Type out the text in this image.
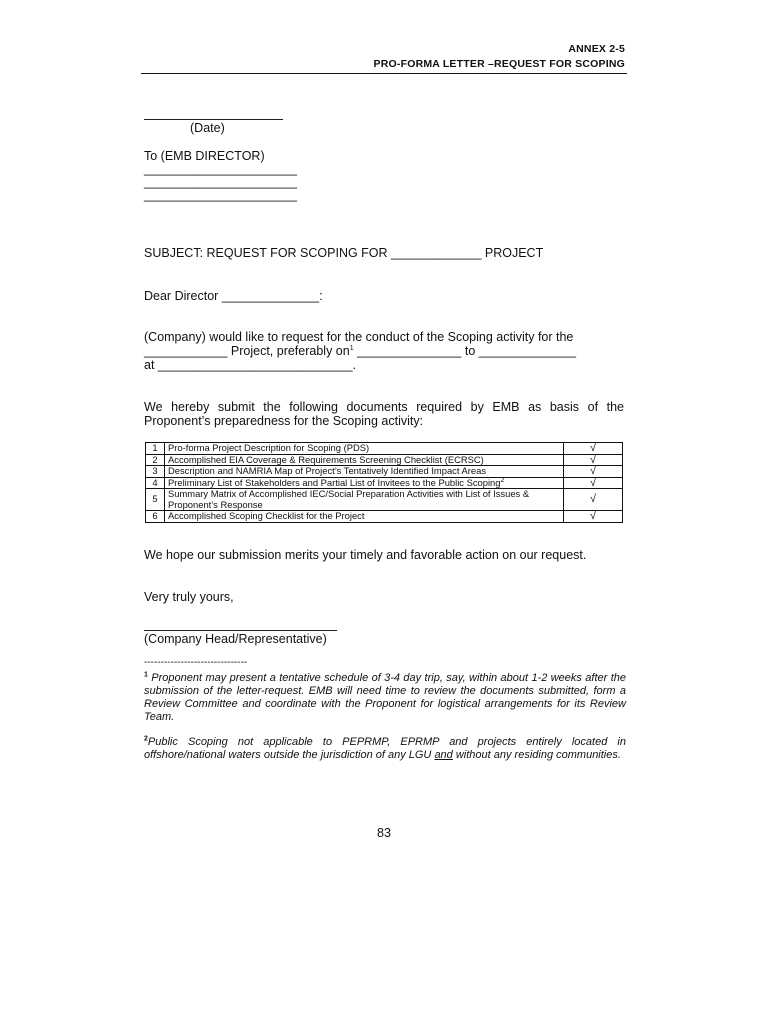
ANNEX 2-5
PRO-FORMA LETTER –REQUEST FOR SCOPING
(Date)
To (EMB DIRECTOR)
______________________
______________________
______________________
SUBJECT: REQUEST FOR SCOPING FOR _____________ PROJECT
Dear Director ______________:
(Company) would like to request for the conduct of the Scoping activity for the
____________ Project, preferably $on^1$ _______________ to ______________
at ____________________________.
We hereby submit the following documents required by EMB as basis of the Proponent’s preparedness for the Scoping activity:
1	Pro-forma Project Description for Scoping (PDS)	√
2	Accomplished EIA Coverage & Requirements Screening Checklist (ECRSC)	√
3	Description and NAMRIA Map of Project’s Tentatively Identified Impact Areas	√
4	Preliminary List of Stakeholders and Partial List of Invitees to the Public Scoping$^2$	√
5	Summary Matrix of Accomplished IEC/Social Preparation Activities with List of Issues & Proponent’s Response	√
6	Accomplished Scoping Checklist for the Project	√
We hope our submission merits your timely and favorable action on our request.
Very truly yours,
(Company Head/Representative)
-------------------------------
$^1$ Proponent may present a tentative schedule of 3-4 day trip, say, within about 1-2 weeks after the submission of the letter-request. EMB will need time to review the documents submitted, form a Review Committee and coordinate with the Proponent for logistical arrangements for its Review Team.
$^2$Public Scoping not applicable to PEPRMP, EPRMP and projects entirely located in offshore/national waters outside the jurisdiction of any LGU and without any residing communities.
83
